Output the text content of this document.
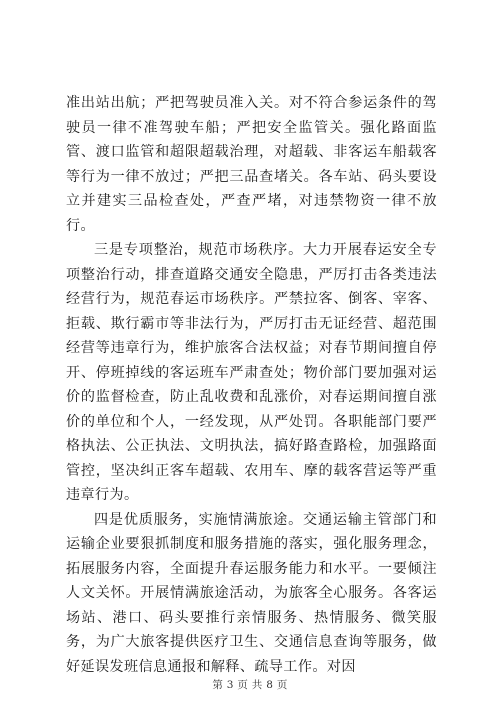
准出站出航；严把驾驶员准入关。对不符合参运条件的驾驶员一律不准驾驶车船；严把安全监管关。强化路面监管、渡口监管和超限超载治理，对超载、非客运车船载客等行为一律不放过；严把三品查堵关。各车站、码头要设立并建实三品检查处，严查严堵，对违禁物资一律不放行。

三是专项整治，规范市场秩序。大力开展春运安全专项整治行动，排查道路交通安全隐患，严厉打击各类违法经营行为，规范春运市场秩序。严禁拉客、倒客、宰客、拒载、欺行霸市等非法行为，严厉打击无证经营、超范围经营等违章行为，维护旅客合法权益；对春节期间擅自停开、停班掉线的客运班车严肃查处；物价部门要加强对运价的监督检查，防止乱收费和乱涨价，对春运期间擅自涨价的单位和个人，一经发现，从严处罚。各职能部门要严格执法、公正执法、文明执法，搞好路查路检，加强路面管控，坚决纠正客车超载、农用车、摩的载客营运等严重违章行为。

四是优质服务，实施情满旅途。交通运输主管部门和运输企业要狠抓制度和服务措施的落实，强化服务理念，拓展服务内容，全面提升春运服务能力和水平。一要倾注人文关怀。开展情满旅途活动，为旅客全心服务。各客运场站、港口、码头要推行亲情服务、热情服务、微笑服务，为广大旅客提供医疗卫生、交通信息查询等服务，做好延误发班信息通报和解释、疏导工作。对因

第 3 页 共 8 页
